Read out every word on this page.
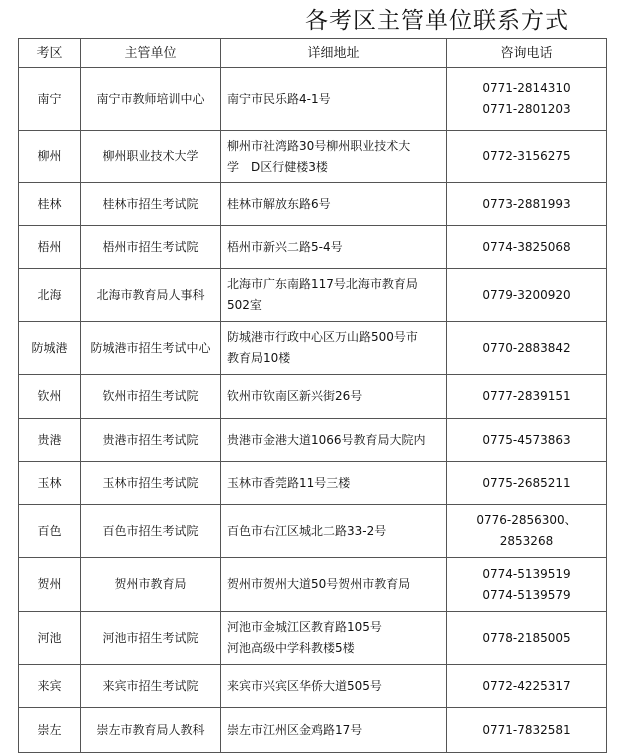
各考区主管单位联系方式
考区	主管单位	详细地址	咨询电话
南宁	南宁市教师培训中心	南宁市民乐路4-1号	0771-2814310
0771-2801203

柳州	柳州职业技术大学	柳州市社湾路30号柳州职业技术大
学　D区行健楼3楼	0772-3156275

桂林	桂林市招生考试院	桂林市解放东路6号	0773-2881993

梧州	梧州市招生考试院	梧州市新兴二路5-4号	0774-3825068

北海	北海市教育局人事科	北海市广东南路117号北海市教育局
502室	0779-3200920

防城港	防城港市招生考试中心	防城港市行政中心区万山路500号市
教育局10楼	0770-2883842

钦州	钦州市招生考试院	钦州市钦南区新兴街26号	0777-2839151

贵港	贵港市招生考试院	贵港市金港大道1066号教育局大院内	0775-4573863

玉林	玉林市招生考试院	玉林市香莞路11号三楼	0775-2685211

百色	百色市招生考试院	百色市右江区城北二路33-2号	0776-2856300、
2853268

贺州	贺州市教育局	贺州市贺州大道50号贺州市教育局	0774-5139519
0774-5139579

河池	河池市招生考试院	河池市金城江区教育路105号
河池高级中学科教楼5楼	0778-2185005

来宾	来宾市招生考试院	来宾市兴宾区华侨大道505号	0772-4225317

崇左	崇左市教育局人教科	崇左市江州区金鸡路17号	0771-7832581
